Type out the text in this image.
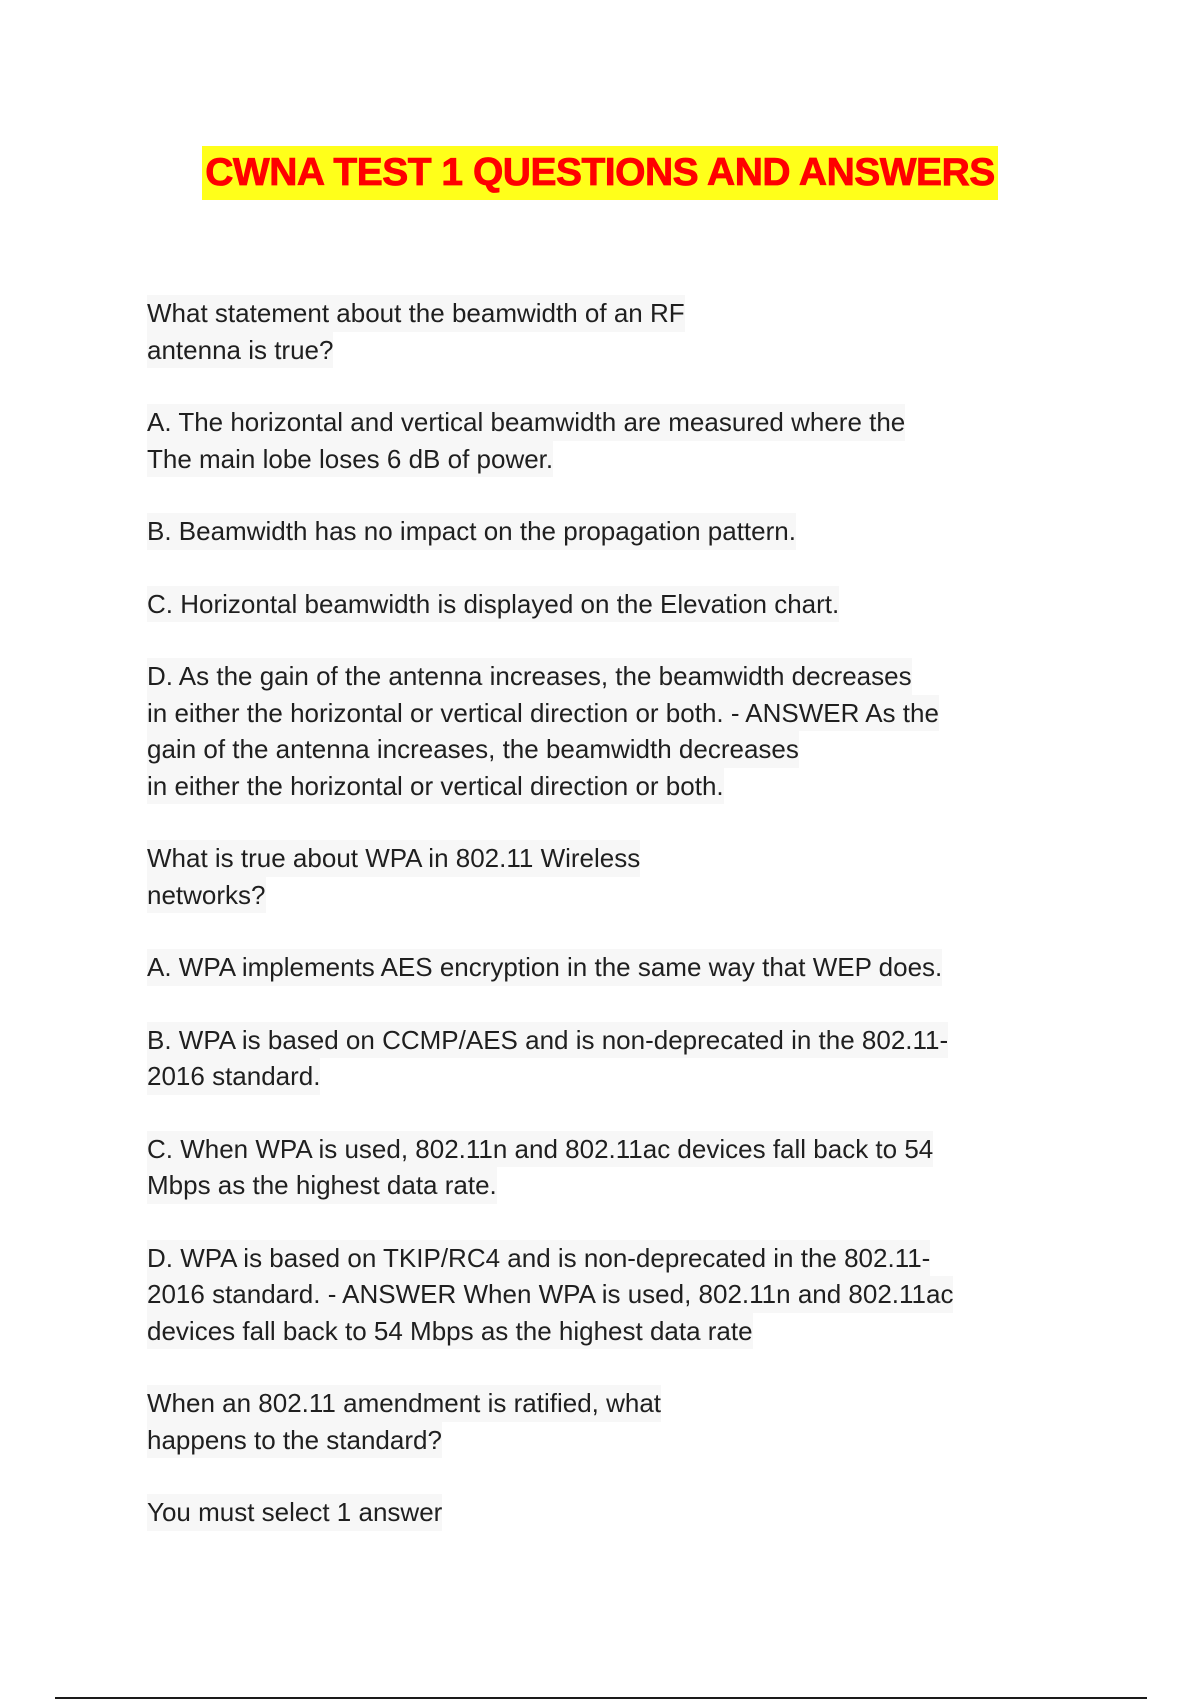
CWNA TEST 1 QUESTIONS AND ANSWERS
What statement about the beamwidth of an RF
antenna is true?
A. The horizontal and vertical beamwidth are measured where the
The main lobe loses 6 dB of power.
B. Beamwidth has no impact on the propagation pattern.
C. Horizontal beamwidth is displayed on the Elevation chart.
D. As the gain of the antenna increases, the beamwidth decreases
in either the horizontal or vertical direction or both. - ANSWER As the
gain of the antenna increases, the beamwidth decreases
in either the horizontal or vertical direction or both.
What is true about WPA in 802.11 Wireless
networks?
A. WPA implements AES encryption in the same way that WEP does.
B. WPA is based on CCMP/AES and is non-deprecated in the 802.11-
2016 standard.
C. When WPA is used, 802.11n and 802.11ac devices fall back to 54
Mbps as the highest data rate.
D. WPA is based on TKIP/RC4 and is non-deprecated in the 802.11-
2016 standard. - ANSWER When WPA is used, 802.11n and 802.11ac
devices fall back to 54 Mbps as the highest data rate
When an 802.11 amendment is ratified, what
happens to the standard?
You must select 1 answer
